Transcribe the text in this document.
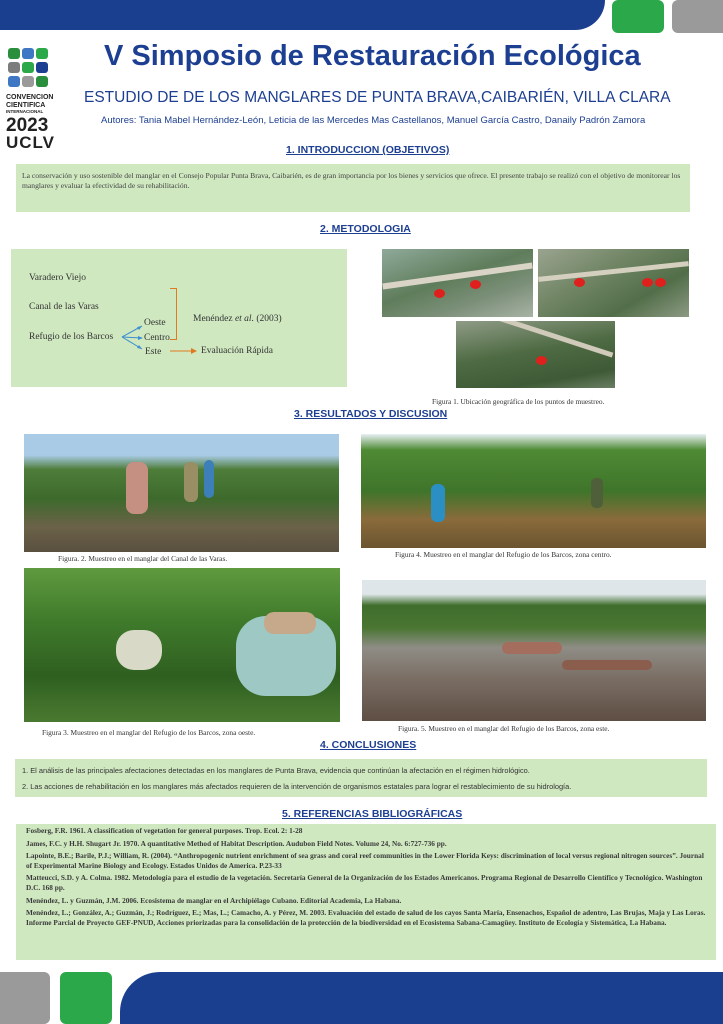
CONVENCION
CIENTIFICA
INTERNACIONAL
2023
UCLV
V Simposio de Restauración Ecológica
ESTUDIO DE DE LOS MANGLARES DE PUNTA BRAVA,CAIBARIÉN, VILLA CLARA
Autores: Tania Mabel Hernández-León, Leticia de las Mercedes Mas Castellanos, Manuel García Castro, Danaily Padrón Zamora
1. INTRODUCCION (OBJETIVOS)
La conservación y uso sostenible del manglar en el Consejo Popular Punta Brava, Caibarién, es de gran importancia por los bienes y servicios que ofrece. El presente trabajo se realizó con el objetivo de monitorear los manglares y evaluar la efectividad de su rehabilitación.
2. METODOLOGIA
Varadero Viejo
Canal de las Varas
Refugio de los Barcos
Oeste
Centro
Este
Menéndez et al. (2003)
Evaluación Rápida
Figura 1. Ubicación geográfica de los puntos de muestreo.
3. RESULTADOS Y DISCUSION
Figura. 2. Muestreo en el manglar del Canal de las Varas.	Figura 4. Muestreo en el manglar del Refugio de los Barcos, zona centro.
Figura 3. Muestreo en el manglar del Refugio de los Barcos, zona oeste.	Figura. 5. Muestreo en el manglar del Refugio de los Barcos, zona este.
4. CONCLUSIONES
1. El análisis de las principales afectaciones detectadas en los manglares de Punta Brava, evidencia que continúan la afectación en el régimen hidrológico.
2. Las acciones de rehabilitación en los manglares más afectados requieren de la intervención de organismos estatales para lograr el restablecimiento de su hidrología.
5. REFERENCIAS BIBLIOGRÁFICAS
Fosberg, F.R. 1961. A classification of vegetation for general purposes. Trop. Ecol. 2: 1-28
James, F.C. y H.H. Shugart Jr. 1970. A quantitative Method of Habitat Description. Audubon Field Notes. Volume 24, No. 6:727-736 pp.
Lapointe, B.E.; Barile, P.J.; William, R. (2004). “Anthropogenic nutrient enrichment of sea grass and coral reef communities in the Lower Florida Keys: discrimination of local versus regional nitrogen sources”. Journal of Experimental Marine Biology and Ecology. Estados Unidos de America. P.23-33
Matteucci, S.D. y A. Colma. 1982. Metodología para el estudio de la vegetación. Secretaría General de la Organización de los Estados Americanos. Programa Regional de Desarrollo Científico y Tecnológico. Washington D.C. 168 pp.
Menéndez, L. y Guzmán, J.M. 2006. Ecosistema de manglar en el Archipiélago Cubano. Editorial Academia, La Habana.
Menéndez, L.; González, A.; Guzmán, J.; Rodríguez, E.; Mas, L.; Camacho, A. y Pérez, M. 2003. Evaluación del estado de salud de los cayos Santa María, Ensenachos, Español de adentro, Las Brujas, Maja y Las Loras. Informe Parcial de Proyecto GEF-PNUD, Acciones priorizadas para la consolidación de la protección de la biodiversidad en el Ecosistema Sabana-Camagüey. Instituto de Ecología y Sistemática, La Habana.
